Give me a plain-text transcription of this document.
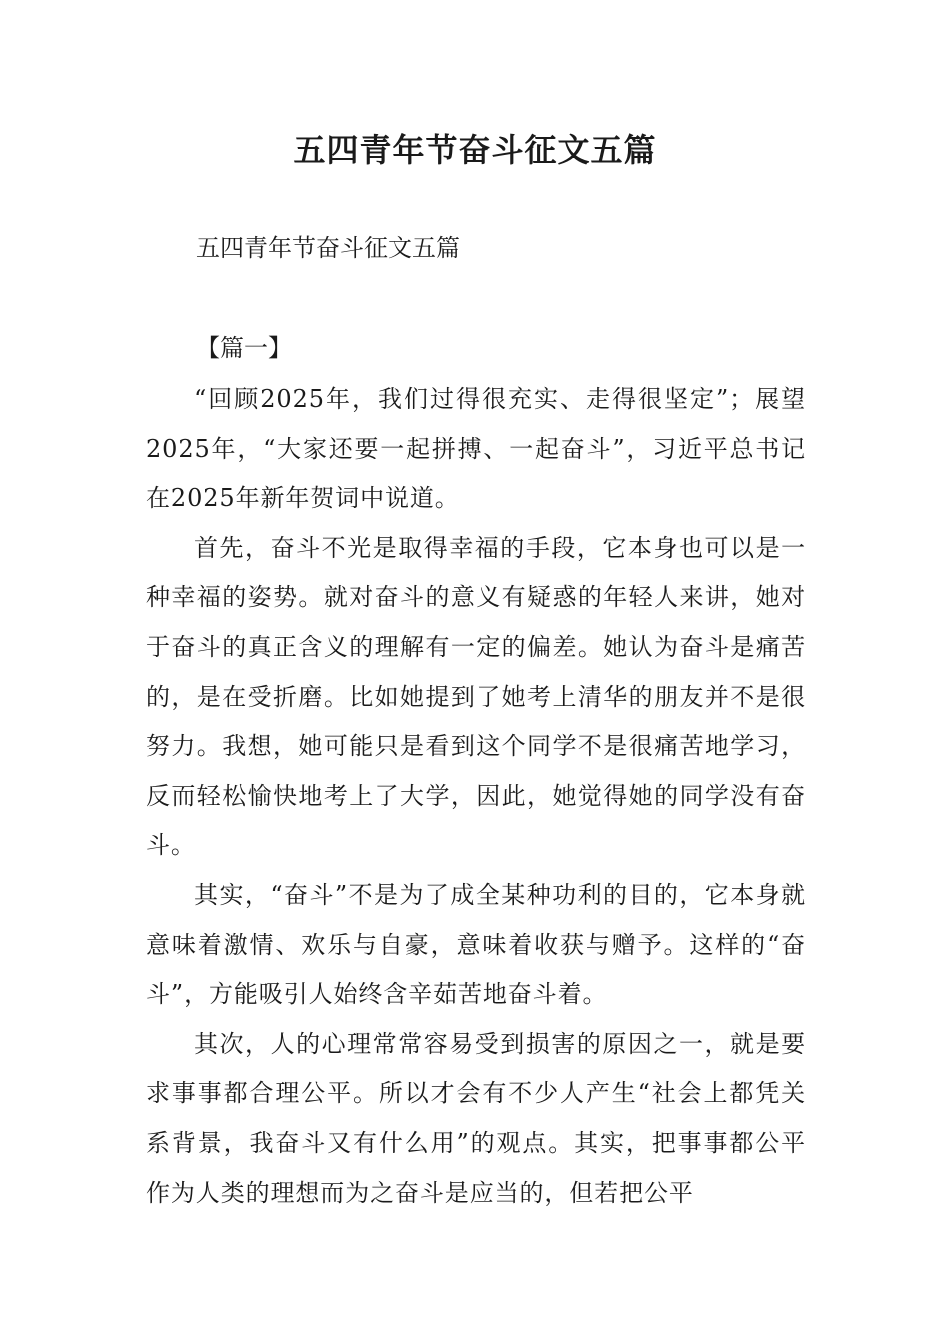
五四青年节奋斗征文五篇
五四青年节奋斗征文五篇
【篇一】

“回顾2025年，我们过得很充实、走得很坚定”；展望2025年，“大家还要一起拼搏、一起奋斗”，习近平总书记在2025年新年贺词中说道。

首先，奋斗不光是取得幸福的手段，它本身也可以是一种幸福的姿势。就对奋斗的意义有疑惑的年轻人来讲，她对于奋斗的真正含义的理解有一定的偏差。她认为奋斗是痛苦的，是在受折磨。比如她提到了她考上清华的朋友并不是很努力。我想，她可能只是看到这个同学不是很痛苦地学习，反而轻松愉快地考上了大学，因此，她觉得她的同学没有奋斗。

其实，“奋斗”不是为了成全某种功利的目的，它本身就意味着激情、欢乐与自豪，意味着收获与赠予。这样的“奋斗”，方能吸引人始终含辛茹苦地奋斗着。

其次，人的心理常常容易受到损害的原因之一，就是要求事事都合理公平。所以才会有不少人产生“社会上都凭关系背景，我奋斗又有什么用”的观点。其实，把事事都公平作为人类的理想而为之奋斗是应当的，但若把公平
